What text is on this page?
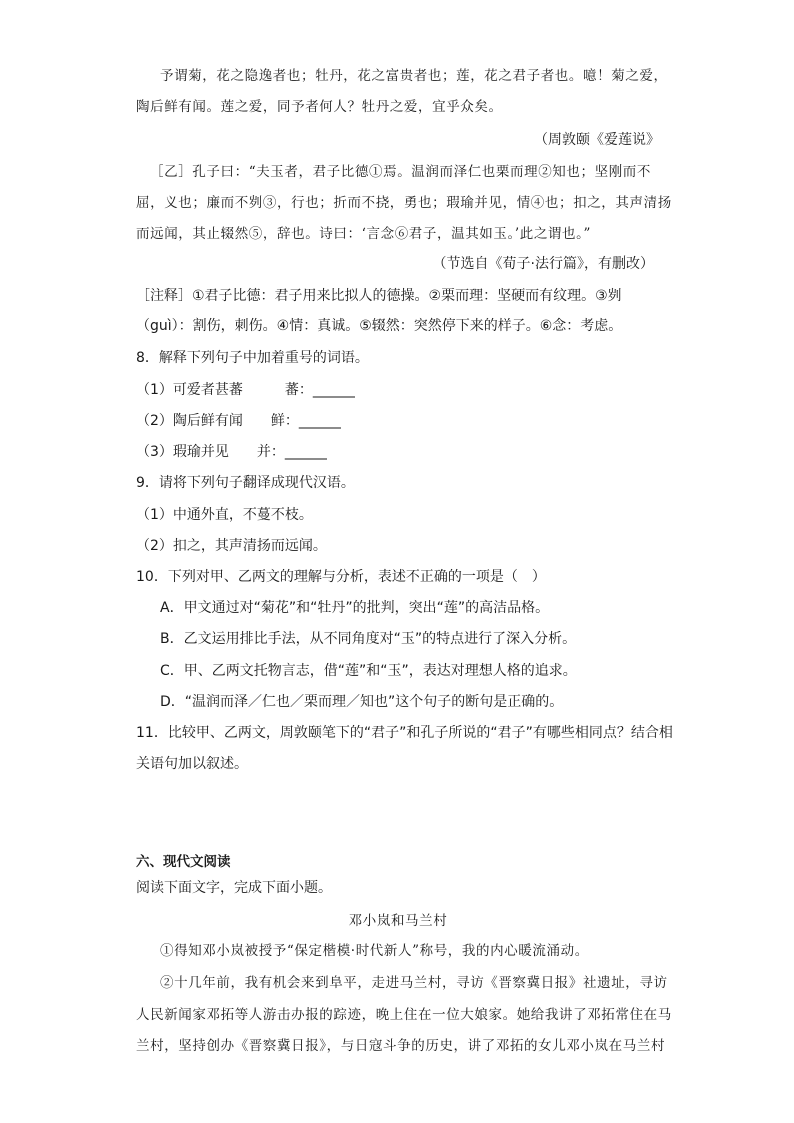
予谓菊，花之隐逸者也；牡丹，花之富贵者也；莲，花之君子者也。噫！菊之爱，
陶后鲜有闻。莲之爱，同予者何人？牡丹之爱，宜乎众矣。
（周敦颐《爱莲说》
［乙］孔子曰：“夫玉者，君子比德①焉。温润而泽仁也栗而理②知也；坚刚而不
屈，义也；廉而不刿③，行也；折而不挠，勇也；瑕瑜并见，情④也；扣之，其声清扬
而远闻，其止辍然⑤，辞也。诗曰：‘言念⑥君子，温其如玉。’此之谓也。”
（节选自《荀子·法行篇》，有删改）
［注释］①君子比德：君子用来比拟人的德操。②栗而理：坚硬而有纹理。③刿
（guì）：割伤，刺伤。④情：真诚。⑤辍然：突然停下来的样子。⑥念：考虑。
8．解释下列句子中加着重号的词语。
（1）可爱者甚蕃　　　蕃：______
（2）陶后鲜有闻　　鲜：______
（3）瑕瑜并见　　并：______
9．请将下列句子翻译成现代汉语。
（1）中通外直，不蔓不枝。
（2）扣之，其声清扬而远闻。
10．下列对甲、乙两文的理解与分析，表述不正确的一项是（　）
A．甲文通过对“菊花”和“牡丹”的批判，突出“莲”的高洁品格。
B．乙文运用排比手法，从不同角度对“玉”的特点进行了深入分析。
C．甲、乙两文托物言志，借“莲”和“玉”，表达对理想人格的追求。
D．“温润而泽／仁也／栗而理／知也”这个句子的断句是正确的。
11．比较甲、乙两文，周敦颐笔下的“君子”和孔子所说的“君子”有哪些相同点？结合相
关语句加以叙述。
六、现代文阅读
阅读下面文字，完成下面小题。
邓小岚和马兰村
①得知邓小岚被授予“保定楷模·时代新人”称号，我的内心暖流涌动。
②十几年前，我有机会来到阜平，走进马兰村，寻访《晋察冀日报》社遗址，寻访
人民新闻家邓拓等人游击办报的踪迹，晚上住在一位大娘家。她给我讲了邓拓常住在马
兰村，坚持创办《晋察冀日报》，与日寇斗争的历史，讲了邓拓的女儿邓小岚在马兰村
